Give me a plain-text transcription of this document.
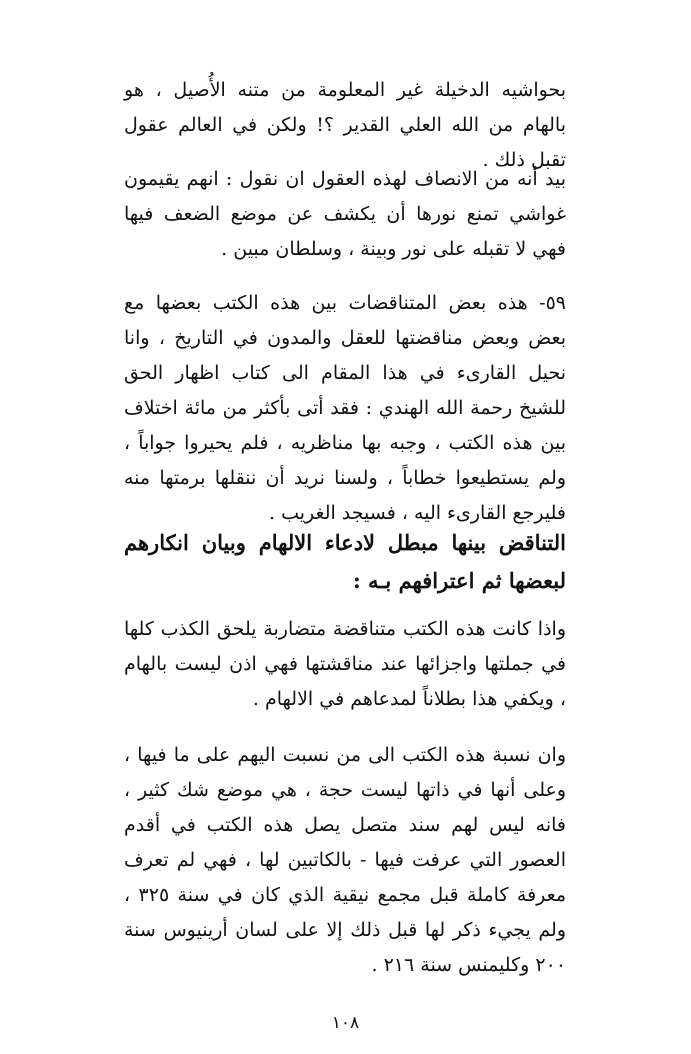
بحواشيه الدخيلة غير المعلومة من متنه الأُصيل ، هو بالهام من الله العلي القدير ؟! ولكن في العالم عقول تقبل ذلك .

بيد أنه من الانصاف لهذه العقول ان نقول : انهم يقيمون غواشي تمنع نورها أن يكشف عن موضع الضعف فيها فهي لا تقبله على نور وبينة ، وسلطان مبين .

٥٩- هذه بعض المتناقضات بين هذه الكتب بعضها مع بعض وبعض مناقضتها للعقل والمدون في التاريخ ، وانا نحيل القارىء في هذا المقام الى كتاب اظهار الحق للشيخ رحمة الله الهندي : فقد أتى بأكثر من مائة اختلاف بين هذه الكتب ، وجبه بها مناظريه ، فلم يحيروا جواباً ، ولم يستطيعوا خطاباً ، ولسنا نريد أن ننقلها برمتها منه فليرجع القارىء اليه ، فسيجد الغريب .

التناقض بينها مبطل لادعاء الالهام وبيان انكارهم لبعضها ثم اعترافهم بـه :

واذا كانت هذه الكتب متناقضة متضاربة يلحق الكذب كلها في جملتها واجزائها عند مناقشتها فهي اذن ليست بالهام ، ويكفي هذا بطلاناً لمدعاهم في الالهام .

وان نسبة هذه الكتب الى من نسبت اليهم على ما فيها ، وعلى أنها في ذاتها ليست حجة ، هي موضع شك كثير ، فانه ليس لهم سند متصل يصل هذه الكتب في أقدم العصور التي عرفت فيها - بالكاتبين لها ، فهي لم تعرف معرفة كاملة قبل مجمع نيقية الذي كان في سنة ٣٢٥ ، ولم يجيء ذكر لها قبل ذلك إلا على لسان أرينيوس سنة ٢٠٠ وكليمنس سنة ٢١٦ .

١٠٨
